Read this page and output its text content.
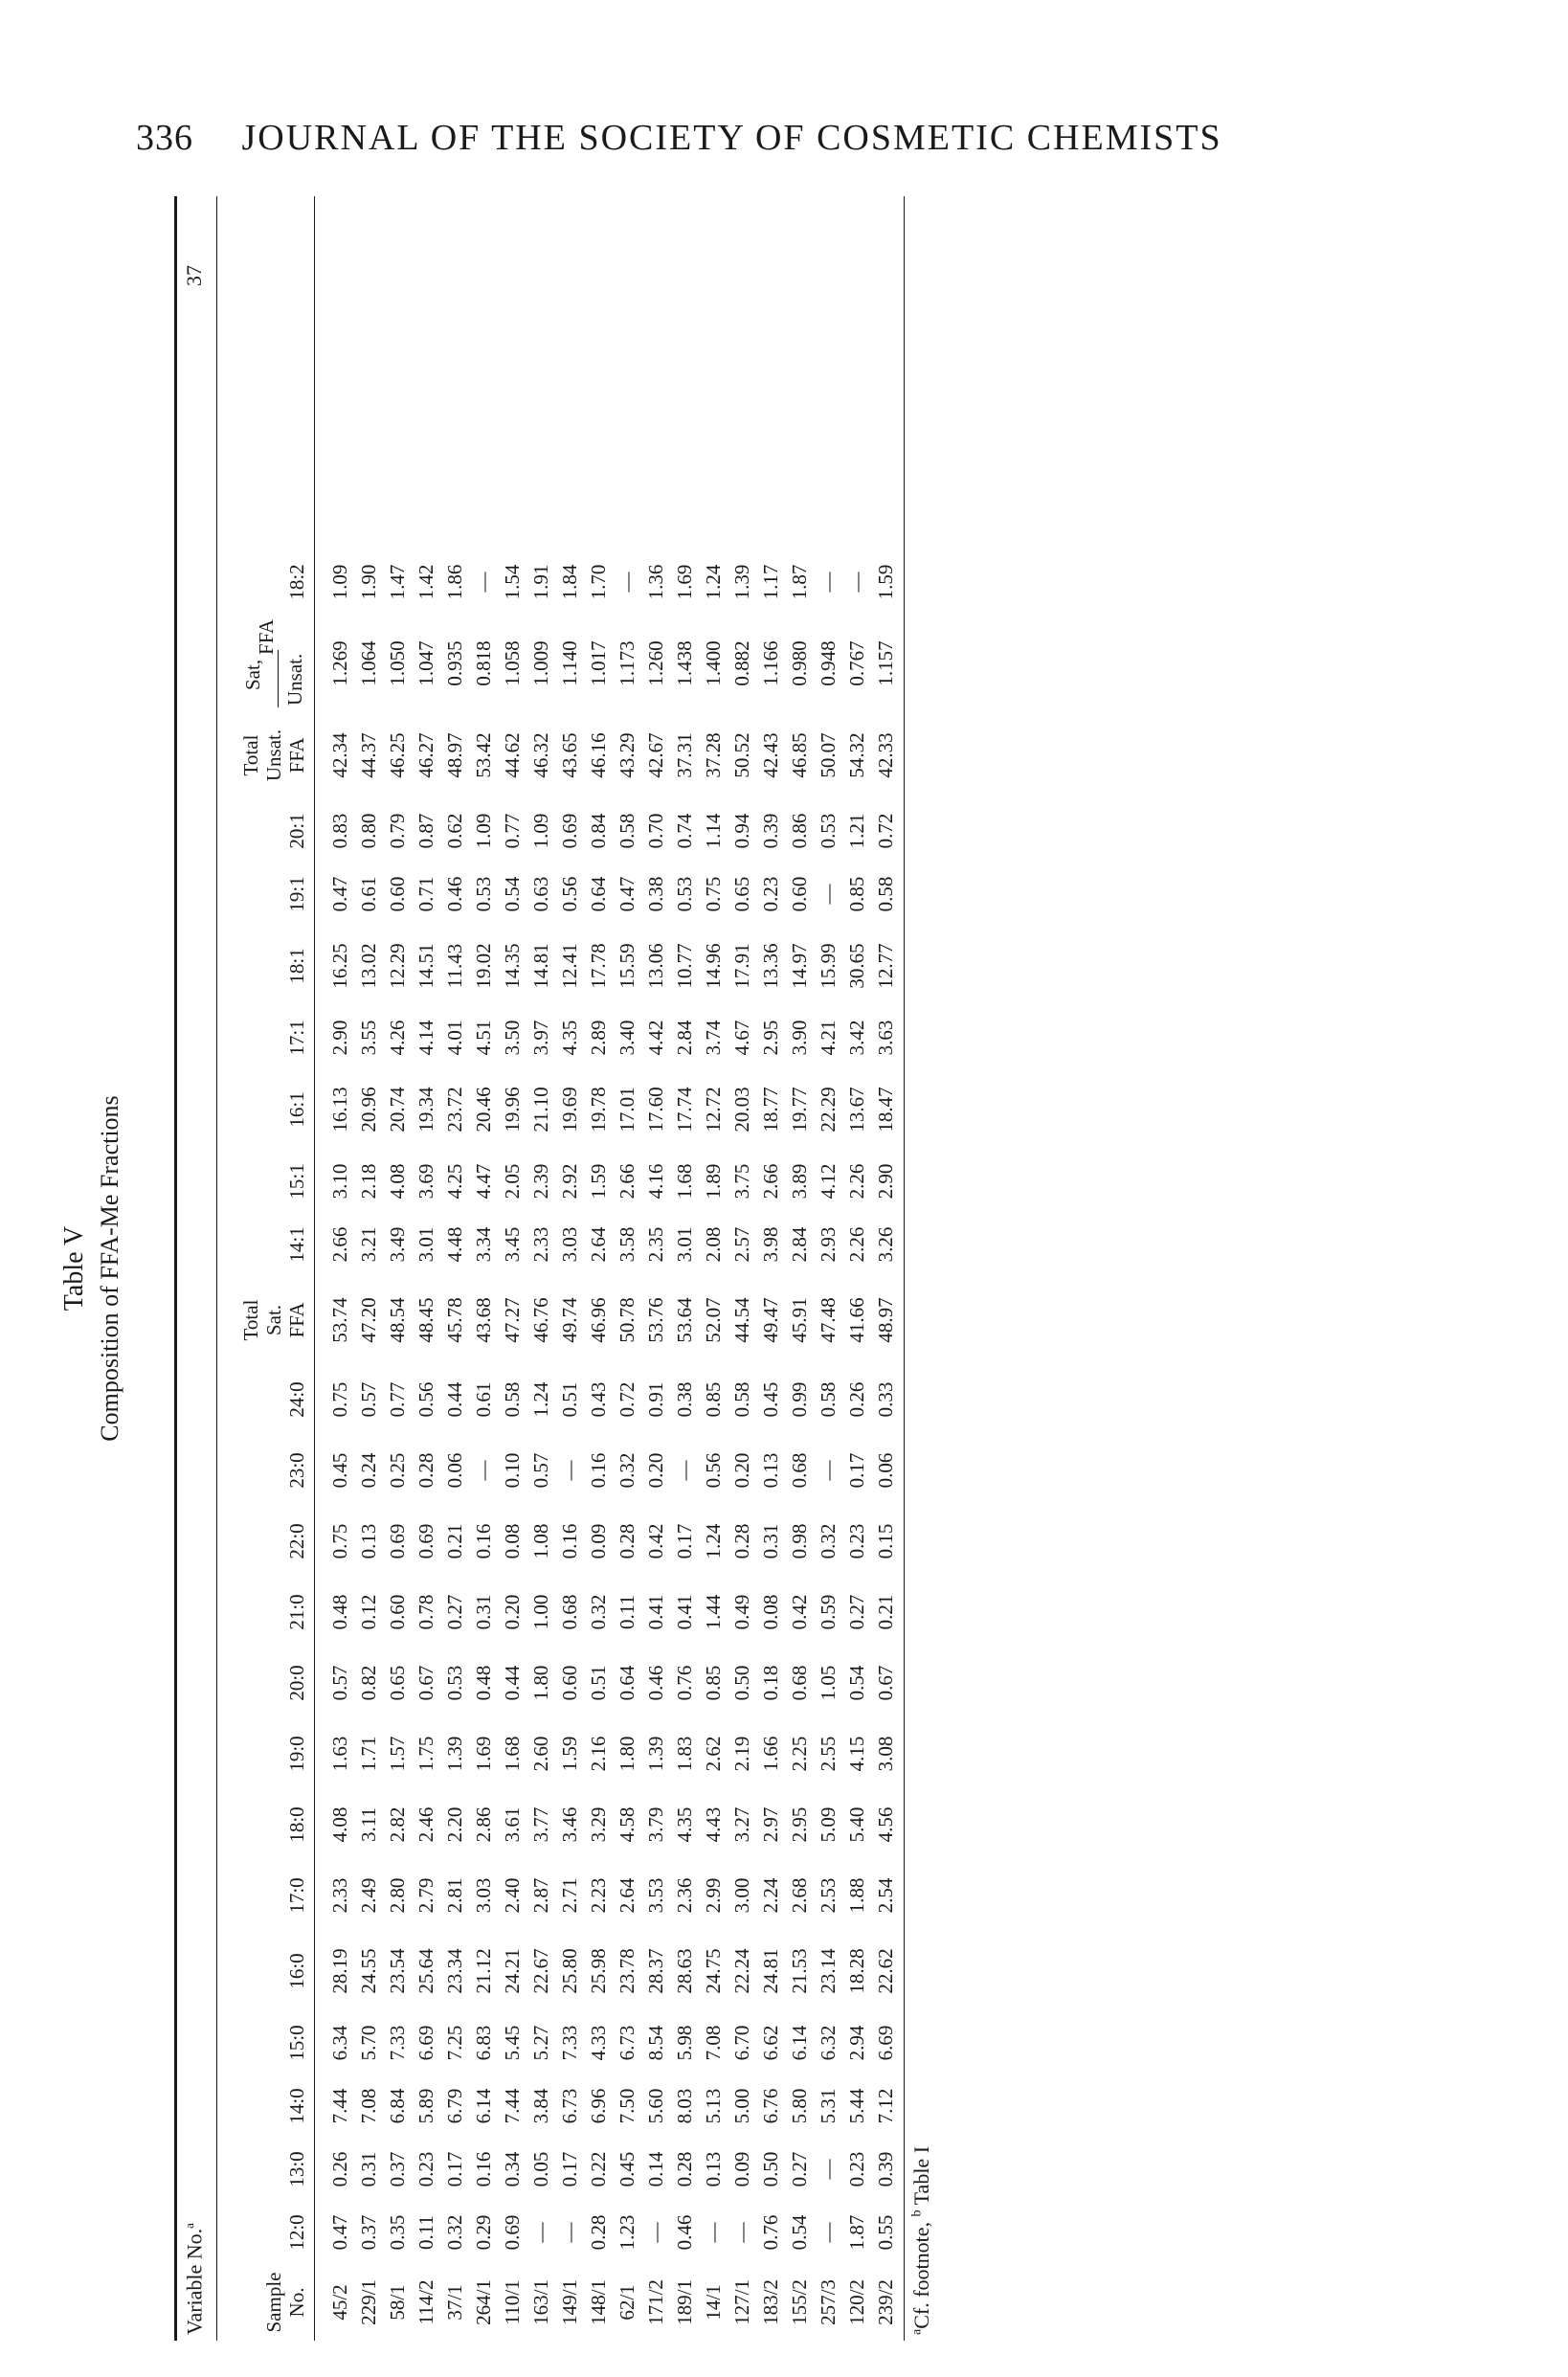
336 JOURNAL OF THE SOCIETY OF COSMETIC CHEMISTS
Table V Composition of FFA-Me Fractions
Variable No.$^a$
37
Sample No. 45/2 229/1 58/1 114/2 37/1 264/1 110/1 163/1 149/1 148/1 62/1 171/2 189/1 14/1 127/1 183/2 155/2 257/3 120/2 239/2
12:0 0.47 0.37 0.35 0.11 0.32 0.29 0.69 — — 0.28 1.23 — 0.46 — — 0.76 0.54 — 1.87 0.55
13:0 0.26 0.31 0.37 0.23 0.17 0.16 0.34 0.05 0.17 0.22 0.45 0.14 0.28 0.13 0.09 0.50 0.27 — 0.23 0.39
14:0 7.44 7.08 6.84 5.89 6.79 6.14 7.44 3.84 6.73 6.96 7.50 5.60 8.03 5.13 5.00 6.76 5.80 5.31 5.44 7.12
15:0 6.34 5.70 7.33 6.69 7.25 6.83 5.45 5.27 7.33 4.33 6.73 8.54 5.98 7.08 6.70 6.62 6.14 6.32 2.94 6.69
16:0 28.19 24.55 23.54 25.64 23.34 21.12 24.21 22.67 25.80 25.98 23.78 28.37 28.63 24.75 22.24 24.81 21.53 23.14 18.28 22.62
17:0 2.33 2.49 2.80 2.79 2.81 3.03 2.40 2.87 2.71 2.23 2.64 3.53 2.36 2.99 3.00 2.24 2.68 2.53 1.88 2.54
18:0 4.08 3.11 2.82 2.46 2.20 2.86 3.61 3.77 3.46 3.29 4.58 3.79 4.35 4.43 3.27 2.97 2.95 5.09 5.40 4.56
19:0 1.63 1.71 1.57 1.75 1.39 1.69 1.68 2.60 1.59 2.16 1.80 1.39 1.83 2.62 2.19 1.66 2.25 2.55 4.15 3.08
20:0 0.57 0.82 0.65 0.67 0.53 0.48 0.44 1.80 0.60 0.51 0.64 0.46 0.76 0.85 0.50 0.18 0.68 1.05 0.54 0.67
21:0 0.48 0.12 0.60 0.78 0.27 0.31 0.20 1.00 0.68 0.32 0.11 0.41 0.41 1.44 0.49 0.08 0.42 0.59 0.27 0.21
22:0 0.75 0.13 0.69 0.69 0.21 0.16 0.08 1.08 0.16 0.09 0.28 0.42 0.17 1.24 0.28 0.31 0.98 0.32 0.23 0.15
23:0 0.45 0.24 0.25 0.28 0.06 — 0.10 0.57 — 0.16 0.32 0.20 — 0.56 0.20 0.13 0.68 — 0.17 0.06
24:0 0.75 0.57 0.77 0.56 0.44 0.61 0.58 1.24 0.51 0.43 0.72 0.91 0.38 0.85 0.58 0.45 0.99 0.58 0.26 0.33
Total Sat. FFA 53.74 47.20 48.54 48.45 45.78 43.68 47.27 46.76 49.74 46.96 50.78 53.76 53.64 52.07 44.54 49.47 45.91 47.48 41.66 48.97
14:1 2.66 3.21 3.49 3.01 4.48 3.34 3.45 2.33 3.03 2.64 3.58 2.35 3.01 2.08 2.57 3.98 2.84 2.93 2.26 3.26
15:1 3.10 2.18 4.08 3.69 4.25 4.47 2.05 2.39 2.92 1.59 2.66 4.16 1.68 1.89 3.75 2.66 3.89 4.12 2.26 2.90
16:1 16.13 20.96 20.74 19.34 23.72 20.46 19.96 21.10 19.69 19.78 17.01 17.60 17.74 12.72 20.03 18.77 19.77 22.29 13.67 18.47
17:1 2.90 3.55 4.26 4.14 4.01 4.51 3.50 3.97 4.35 2.89 3.40 4.42 2.84 3.74 4.67 2.95 3.90 4.21 3.42 3.63
18:1 16.25 13.02 12.29 14.51 11.43 19.02 14.35 14.81 12.41 17.78 15.59 13.06 10.77 14.96 17.91 13.36 14.97 15.99 30.65 12.77
19:1 0.47 0.61 0.60 0.71 0.46 0.53 0.54 0.63 0.56 0.64 0.47 0.38 0.53 0.75 0.65 0.23 0.60 — 0.85 0.58
20:1 0.83 0.80 0.79 0.87 0.62 1.09 0.77 1.09 0.69 0.84 0.58 0.70 0.74 1.14 0.94 0.39 0.86 0.53 1.21 0.72
Total Unsat. FFA 42.34 44.37 46.25 46.27 48.97 53.42 44.62 46.32 43.65 46.16 43.29 42.67 37.31 37.28 50.52 42.43 46.85 50.07 54.32 42.33
Sat,
FFA
Unsat. 1.269 1.064 1.050 1.047 0.935 0.818 1.058 1.009 1.140 1.017 1.173 1.260 1.438 1.400 0.882 1.166 0.980 0.948 0.767 1.157
18:2 1.09 1.90 1.47 1.42 1.86 — 1.54 1.91 1.84 1.70 — 1.36 1.69 1.24 1.39 1.17 1.87 — — 1.59
$^a$Cf. footnote, $^b$ Table I
